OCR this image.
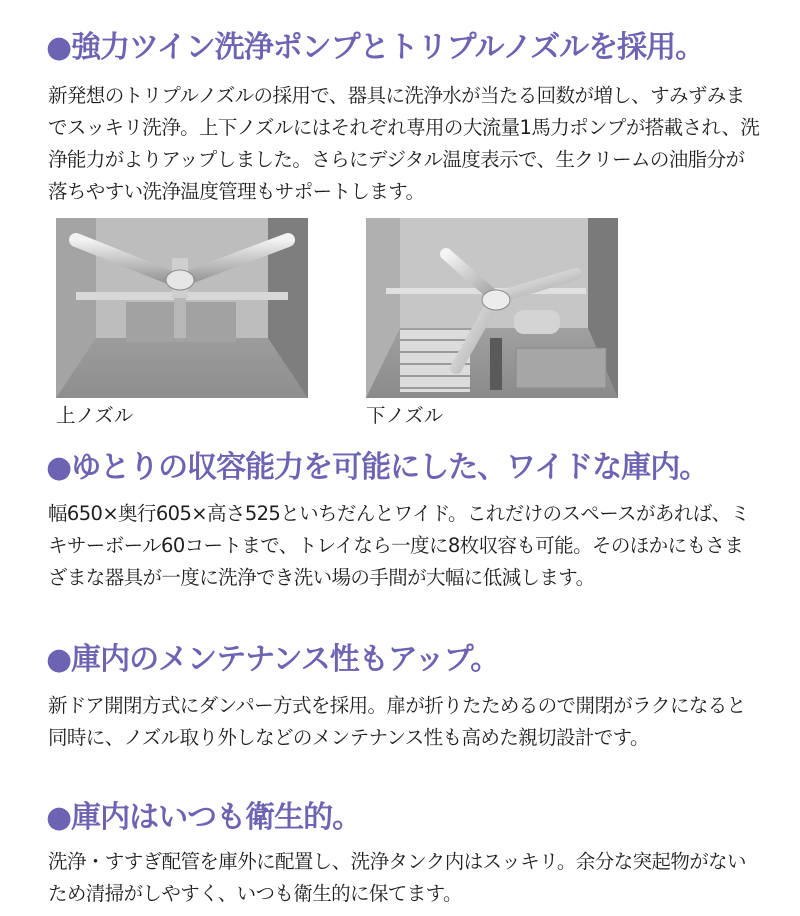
●強力ツイン洗浄ポンプとトリプルノズルを採用。
新発想のトリプルノズルの採用で、器具に洗浄水が当たる回数が増し、すみずみまでスッキリ洗浄。上下ノズルにはそれぞれ専用の大流量1馬力ポンプが搭載され、洗浄能力がよりアップしました。さらにデジタル温度表示で、生クリームの油脂分が落ちやすい洗浄温度管理もサポートします。
上ノズル	下ノズル
●ゆとりの収容能力を可能にした、ワイドな庫内。
幅650×奥行605×高さ525といちだんとワイド。これだけのスペースがあれば、ミキサーボール60コートまで、トレイなら一度に8枚収容も可能。そのほかにもさまざまな器具が一度に洗浄でき洗い場の手間が大幅に低減します。
●庫内のメンテナンス性もアップ。
新ドア開閉方式にダンパー方式を採用。扉が折りたためるので開閉がラクになると同時に、ノズル取り外しなどのメンテナンス性も高めた親切設計です。
●庫内はいつも衛生的。
洗浄・すすぎ配管を庫外に配置し、洗浄タンク内はスッキリ。余分な突起物がないため清掃がしやすく、いつも衛生的に保てます。
